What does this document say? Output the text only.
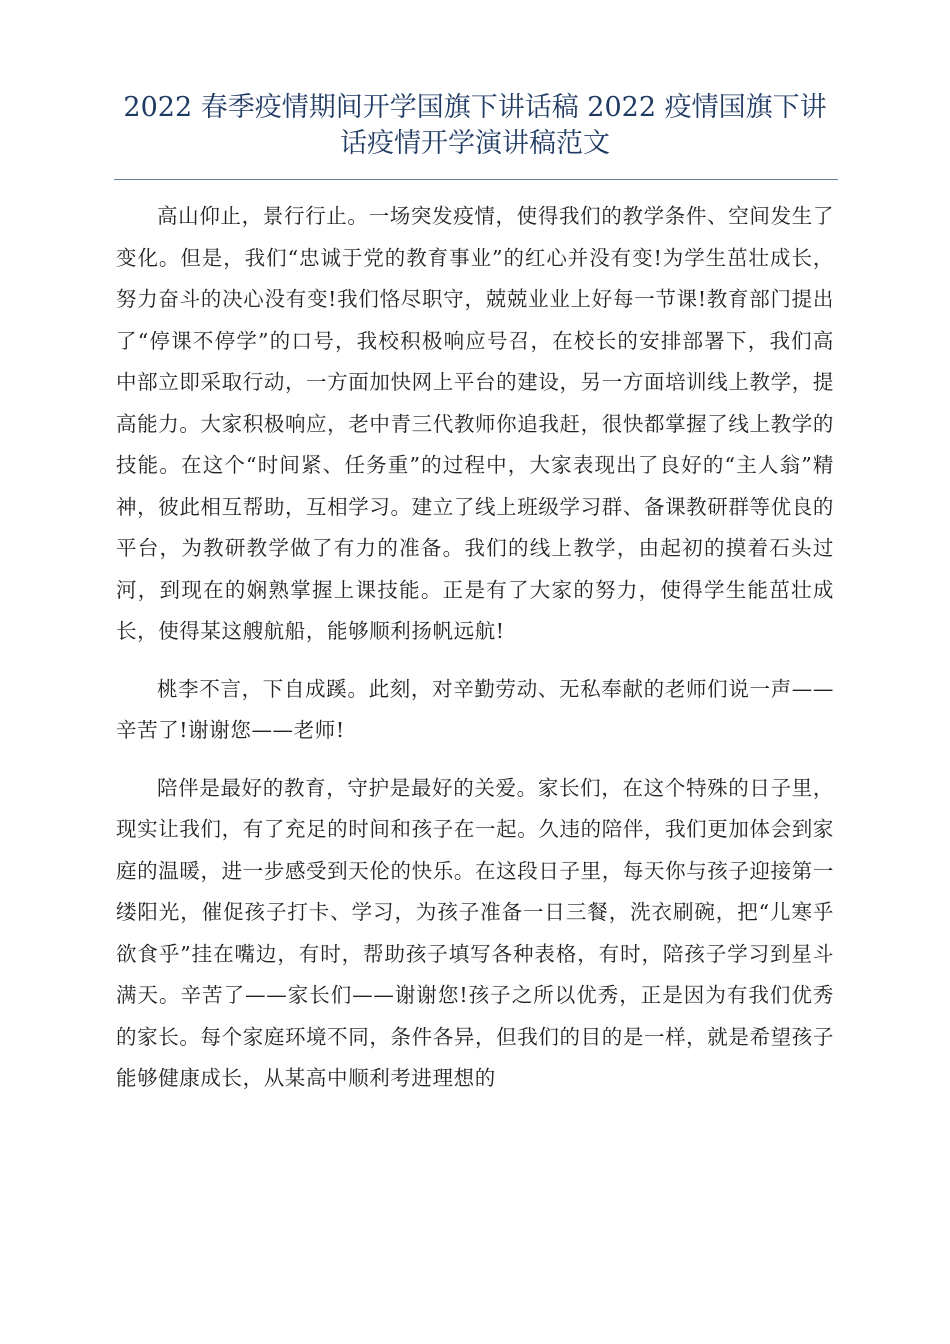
2022 春季疫情期间开学国旗下讲话稿 2022 疫情国旗下讲话疫情开学演讲稿范文

高山仰止，景行行止。一场突发疫情，使得我们的教学条件、空间发生了变化。但是，我们“忠诚于党的教育事业”的红心并没有变!为学生茁壮成长，努力奋斗的决心没有变!我们恪尽职守，兢兢业业上好每一节课!教育部门提出了“停课不停学”的口号，我校积极响应号召，在校长的安排部署下，我们高中部立即采取行动，一方面加快网上平台的建设，另一方面培训线上教学，提高能力。大家积极响应，老中青三代教师你追我赶，很快都掌握了线上教学的技能。在这个“时间紧、任务重”的过程中，大家表现出了良好的“主人翁”精神，彼此相互帮助，互相学习。建立了线上班级学习群、备课教研群等优良的平台，为教研教学做了有力的准备。我们的线上教学，由起初的摸着石头过河，到现在的娴熟掌握上课技能。正是有了大家的努力，使得学生能茁壮成长，使得某这艘航船，能够顺利扬帆远航!

桃李不言，下自成蹊。此刻，对辛勤劳动、无私奉献的老师们说一声——辛苦了!谢谢您——老师!

陪伴是最好的教育，守护是最好的关爱。家长们，在这个特殊的日子里，现实让我们，有了充足的时间和孩子在一起。久违的陪伴，我们更加体会到家庭的温暖，进一步感受到天伦的快乐。在这段日子里，每天你与孩子迎接第一缕阳光，催促孩子打卡、学习，为孩子准备一日三餐，洗衣刷碗，把“儿寒乎欲食乎”挂在嘴边，有时，帮助孩子填写各种表格，有时，陪孩子学习到星斗满天。辛苦了——家长们——谢谢您!孩子之所以优秀，正是因为有我们优秀的家长。每个家庭环境不同，条件各异，但我们的目的是一样，就是希望孩子能够健康成长，从某高中顺利考进理想的
